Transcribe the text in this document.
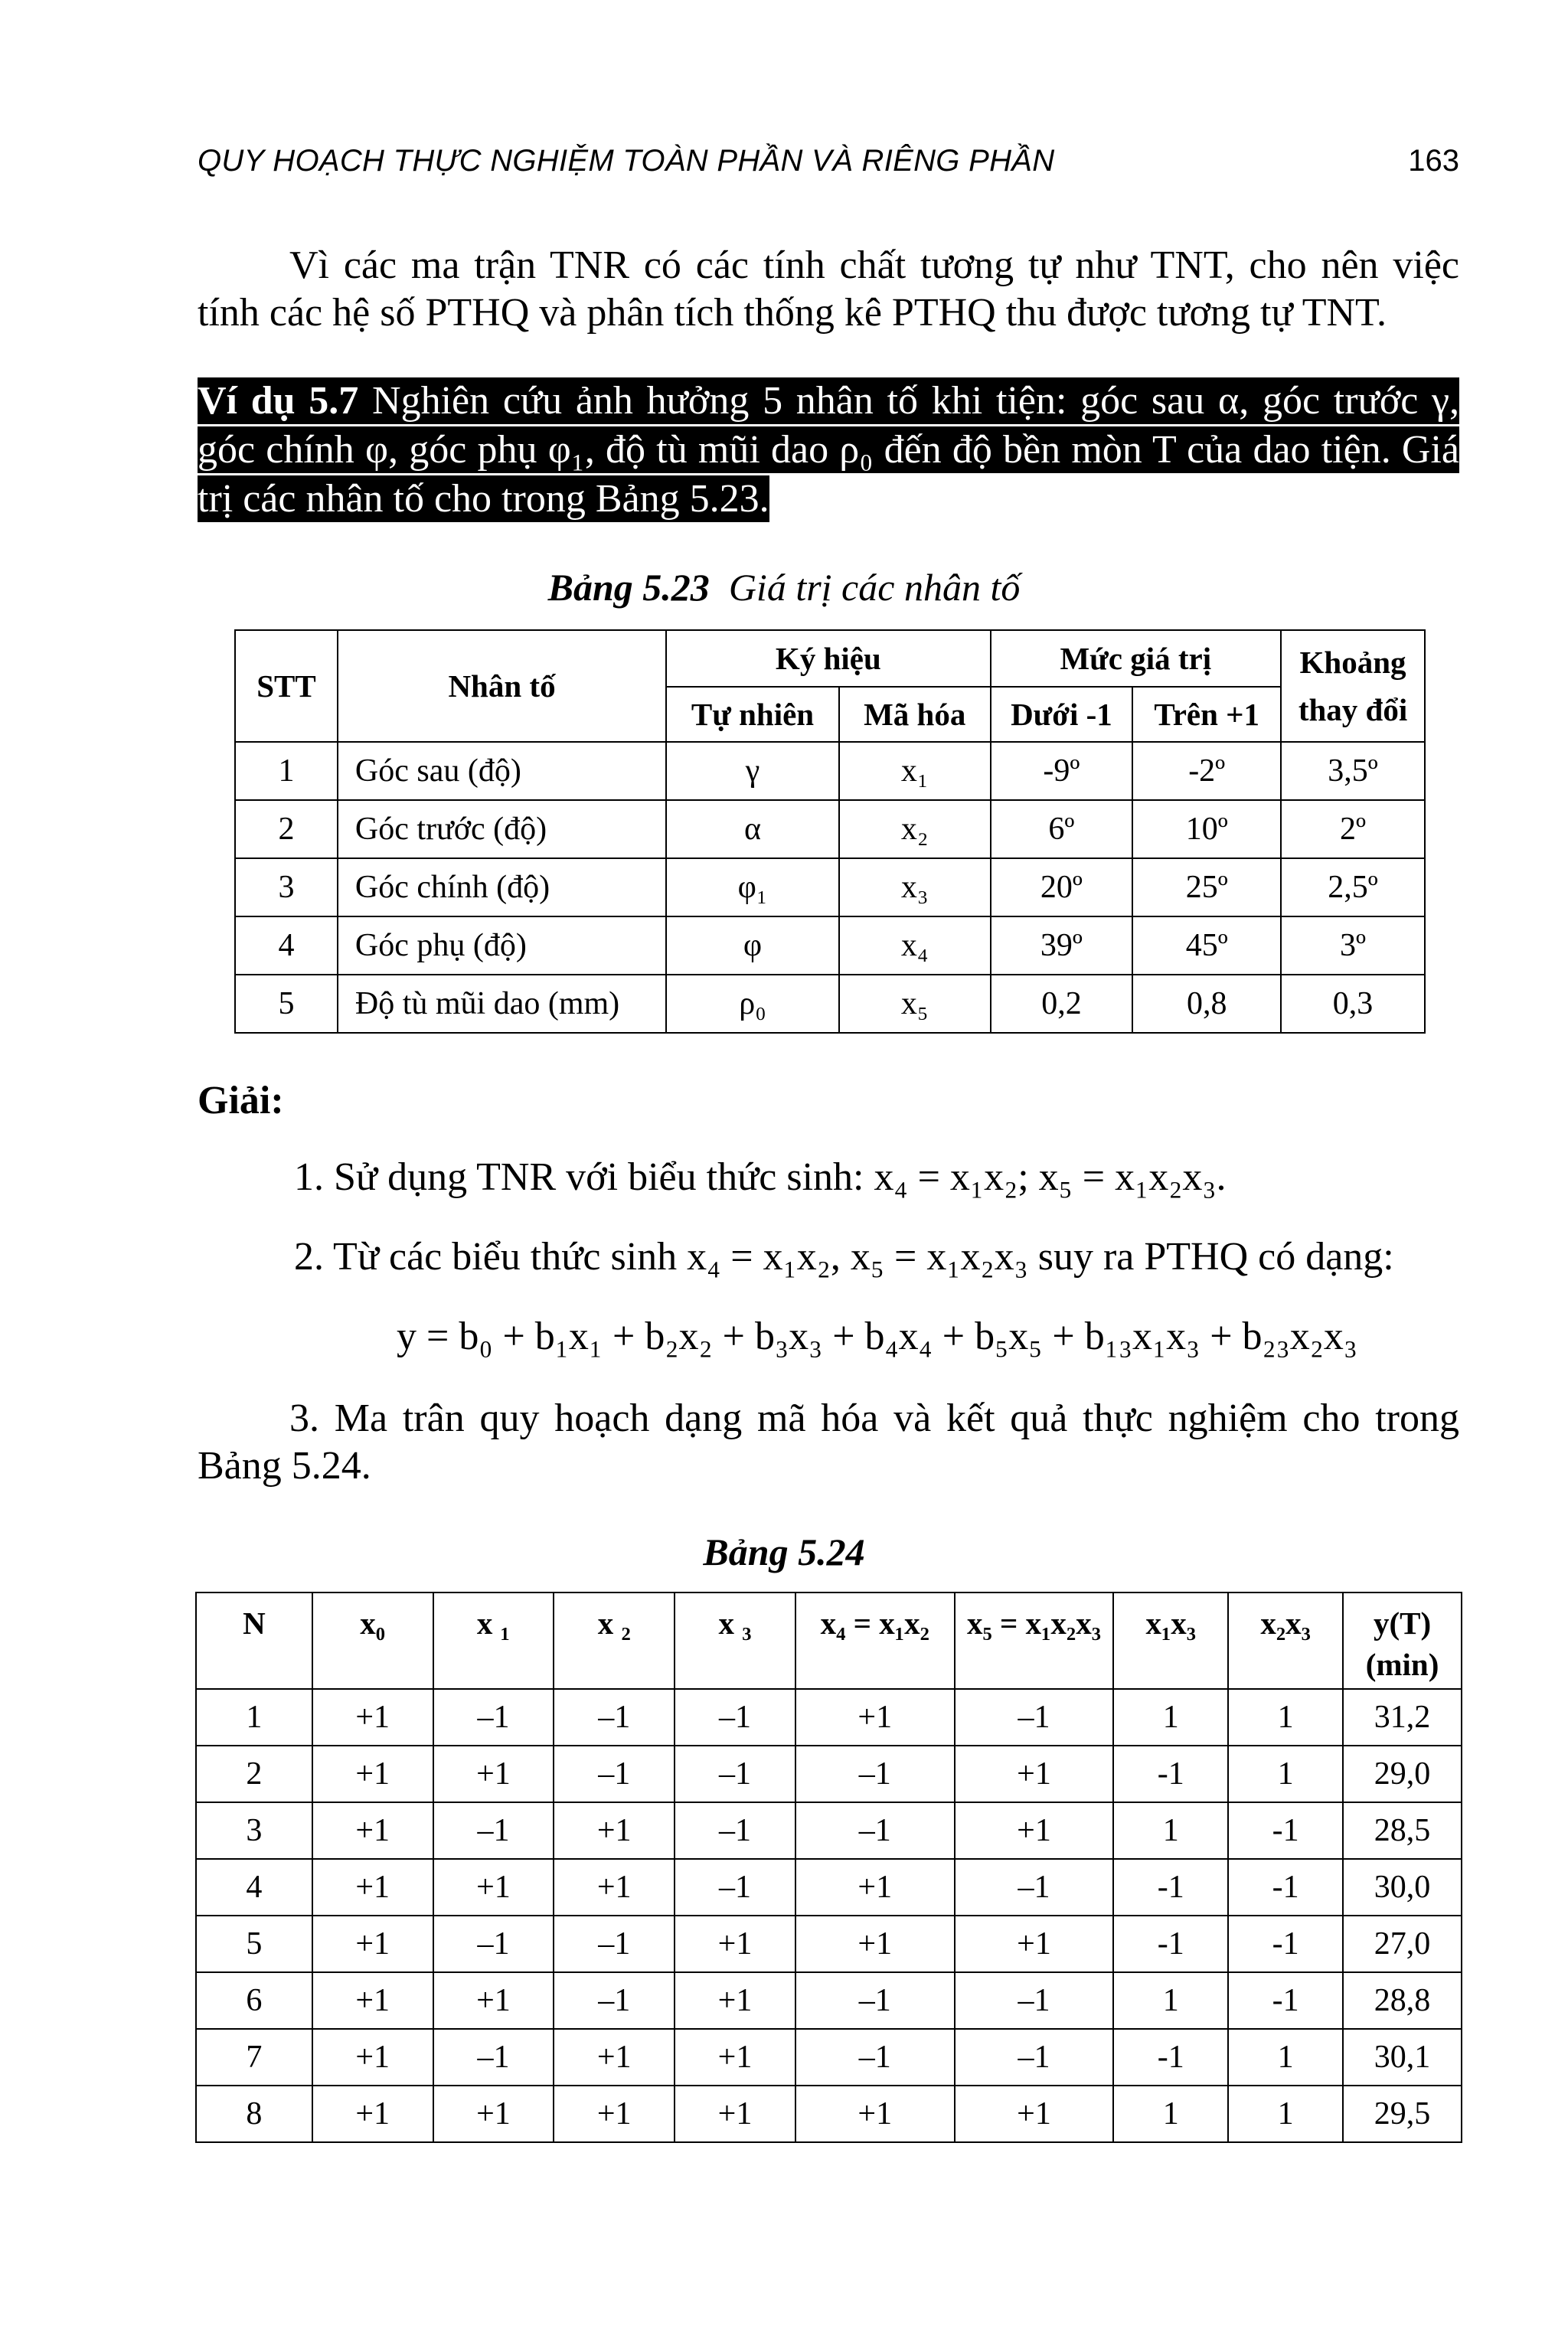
QUY HOẠCH THỰC NGHIỆM TOÀN PHẦN VÀ RIÊNG PHẦN	163
Vì các ma trận TNR có các tính chất tương tự như TNT, cho nên việc tính các hệ số PTHQ và phân tích thống kê PTHQ thu được tương tự TNT.
Ví dụ 5.7 Nghiên cứu ảnh hưởng 5 nhân tố khi tiện: góc sau α, góc trước γ, góc chính φ, góc phụ φ₁, độ tù mũi dao ρ₀ đến độ bền mòn T của dao tiện. Giá trị các nhân tố cho trong Bảng 5.23.
Bảng 5.23 Giá trị các nhân tố
STT	Nhân tố	Ký hiệu		Mức giá trị		Khoảng thay đổi
		Tự nhiên	Mã hóa	Dưới -1	Trên +1	
1	Góc sau (độ)	γ	x₁	-9º	-2º	3,5º
2	Góc trước (độ)	α	x₂	6º	10º	2º
3	Góc chính (độ)	φ₁	x₃	20º	25º	2,5º
4	Góc phụ (độ)	φ	x₄	39º	45º	3º
5	Độ tù mũi dao (mm)	ρ₀	x₅	0,2	0,8	0,3
Giải:
1. Sử dụng TNR với biểu thức sinh: x₄ = x₁x₂; x₅ = x₁x₂x₃.
2. Từ các biểu thức sinh x₄ = x₁x₂, x₅ = x₁x₂x₃ suy ra PTHQ có dạng:
y = b₀ + b₁x₁ + b₂x₂ + b₃x₃ + b₄x₄ + b₅x₅ + b₁₃x₁x₃ + b₂₃x₂x₃
3. Ma trân quy hoạch dạng mã hóa và kết quả thực nghiệm cho trong Bảng 5.24.
Bảng 5.24
N	x₀	x ₁	x ₂	x ₃	x₄ = x₁x₂	x₅ = x₁x₂x₃	x₁x₃	x₂x₃	y(T) (min)
1	+1	–1	–1	–1	+1	–1	1	1	31,2
2	+1	+1	–1	–1	–1	+1	-1	1	29,0
3	+1	–1	+1	–1	–1	+1	1	-1	28,5
4	+1	+1	+1	–1	+1	–1	-1	-1	30,0
5	+1	–1	–1	+1	+1	+1	-1	-1	27,0
6	+1	+1	–1	+1	–1	–1	1	-1	28,8
7	+1	–1	+1	+1	–1	–1	-1	1	30,1
8	+1	+1	+1	+1	+1	+1	1	1	29,5
